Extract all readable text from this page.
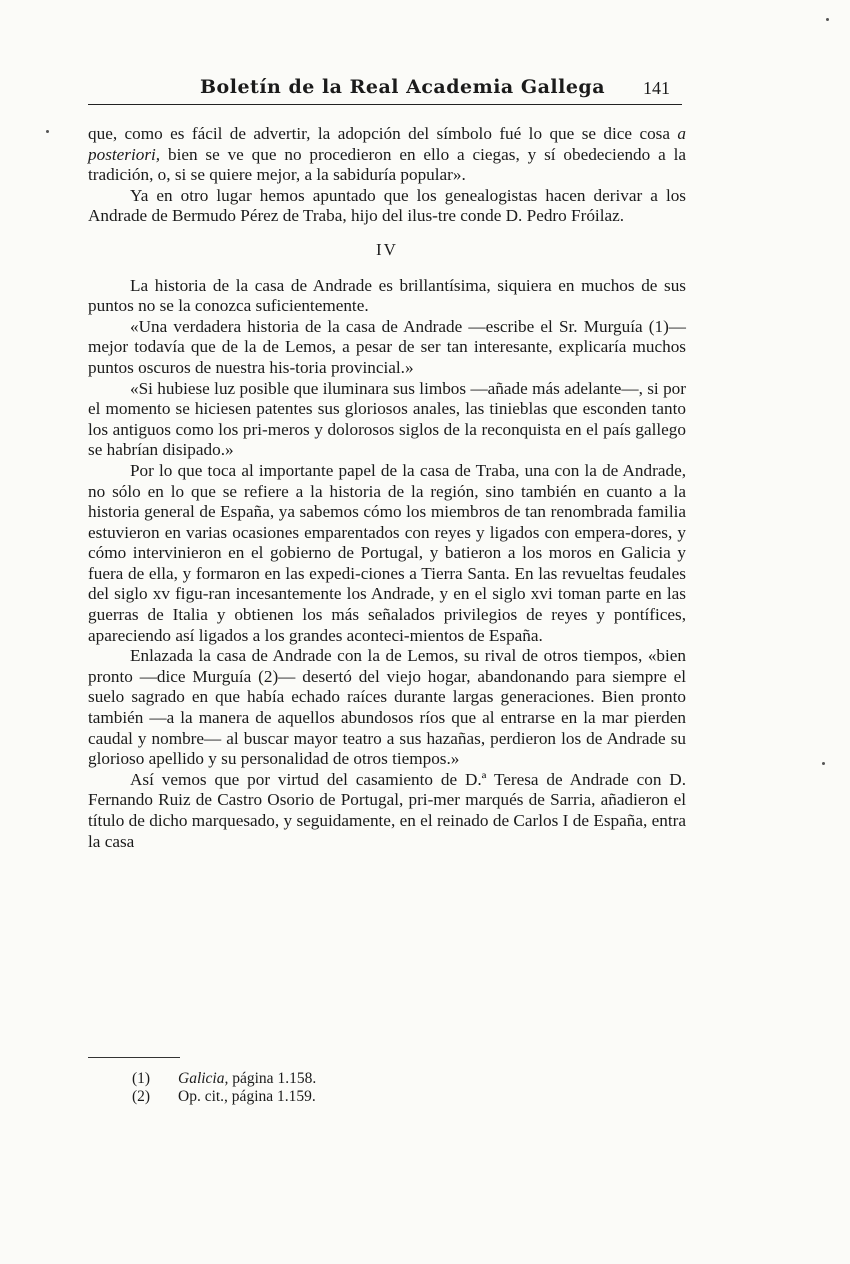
Boletín de la Real Academia Gallega 141

que, como es fácil de advertir, la adopción del símbolo fué lo que se dice cosa a posteriori, bien se ve que no procedieron en ello a ciegas, y sí obedeciendo a la tradición, o, si se quiere mejor, a la sabiduría popular».

Ya en otro lugar hemos apuntado que los genealogistas hacen derivar a los Andrade de Bermudo Pérez de Traba, hijo del ilus-tre conde D. Pedro Fróilaz.

IV

La historia de la casa de Andrade es brillantísima, siquiera en muchos de sus puntos no se la conozca suficientemente.

«Una verdadera historia de la casa de Andrade —escribe el Sr. Murguía (1)— mejor todavía que de la de Lemos, a pesar de ser tan interesante, explicaría muchos puntos oscuros de nuestra his-toria provincial.»

«Si hubiese luz posible que iluminara sus limbos —añade más adelante—, si por el momento se hiciesen patentes sus gloriosos anales, las tinieblas que esconden tanto los antiguos como los pri-meros y dolorosos siglos de la reconquista en el país gallego se habrían disipado.»

Por lo que toca al importante papel de la casa de Traba, una con la de Andrade, no sólo en lo que se refiere a la historia de la región, sino también en cuanto a la historia general de España, ya sabemos cómo los miembros de tan renombrada familia estuvieron en varias ocasiones emparentados con reyes y ligados con empera-dores, y cómo intervinieron en el gobierno de Portugal, y batieron a los moros en Galicia y fuera de ella, y formaron en las expedi-ciones a Tierra Santa. En las revueltas feudales del siglo xv figu-ran incesantemente los Andrade, y en el siglo xvi toman parte en las guerras de Italia y obtienen los más señalados privilegios de reyes y pontífices, apareciendo así ligados a los grandes aconteci-mientos de España.

Enlazada la casa de Andrade con la de Lemos, su rival de otros tiempos, «bien pronto —dice Murguía (2)— desertó del viejo hogar, abandonando para siempre el suelo sagrado en que había echado raíces durante largas generaciones. Bien pronto también —a la manera de aquellos abundosos ríos que al entrarse en la mar pierden caudal y nombre— al buscar mayor teatro a sus hazañas, perdieron los de Andrade su glorioso apellido y su personalidad de otros tiempos.»

Así vemos que por virtud del casamiento de D.ª Teresa de Andrade con D. Fernando Ruiz de Castro Osorio de Portugal, pri-mer marqués de Sarria, añadieron el título de dicho marquesado, y seguidamente, en el reinado de Carlos I de España, entra la casa

(1) Galicia, página 1.158.
(2) Op. cit., página 1.159.
